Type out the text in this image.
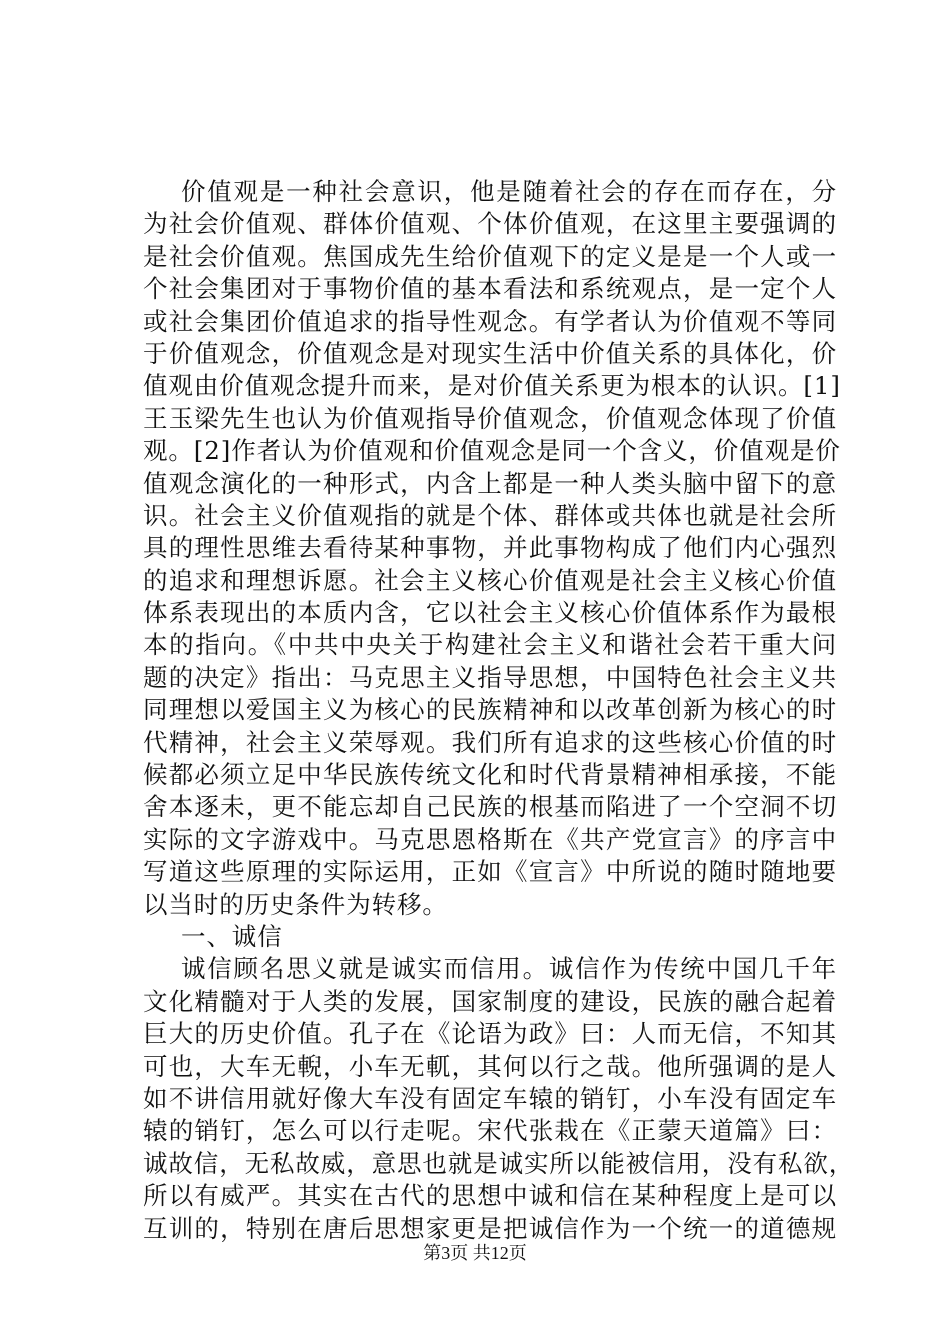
价值观是一种社会意识，他是随着社会的存在而存在，分
为社会价值观、群体价值观、个体价值观，在这里主要强调的
是社会价值观。焦国成先生给价值观下的定义是是一个人或一
个社会集团对于事物价值的基本看法和系统观点，是一定个人
或社会集团价值追求的指导性观念。有学者认为价值观不等同
于价值观念，价值观念是对现实生活中价值关系的具体化，价
值观由价值观念提升而来，是对价值关系更为根本的认识。[1]
王玉梁先生也认为价值观指导价值观念，价值观念体现了价值
观。[2]作者认为价值观和价值观念是同一个含义，价值观是价
值观念演化的一种形式，内含上都是一种人类头脑中留下的意
识。社会主义价值观指的就是个体、群体或共体也就是社会所
具的理性思维去看待某种事物，并此事物构成了他们内心强烈
的追求和理想诉愿。社会主义核心价值观是社会主义核心价值
体系表现出的本质内含，它以社会主义核心价值体系作为最根
本的指向。《中共中央关于构建社会主义和谐社会若干重大问
题的决定》指出：马克思主义指导思想，中国特色社会主义共
同理想以爱国主义为核心的民族精神和以改革创新为核心的时
代精神，社会主义荣辱观。我们所有追求的这些核心价值的时
候都必须立足中华民族传统文化和时代背景精神相承接，不能
舍本逐未，更不能忘却自己民族的根基而陷进了一个空洞不切
实际的文字游戏中。马克思恩格斯在《共产党宣言》的序言中
写道这些原理的实际运用，正如《宣言》中所说的随时随地要
以当时的历史条件为转移。
一、诚信
诚信顾名思义就是诚实而信用。诚信作为传统中国几千年
文化精髓对于人类的发展，国家制度的建设，民族的融合起着
巨大的历史价值。孔子在《论语为政》曰：人而无信，不知其
可也，大车无輗，小车无軏，其何以行之哉。他所强调的是人
如不讲信用就好像大车没有固定车辕的销钉，小车没有固定车
辕的销钉，怎么可以行走呢。宋代张栽在《正蒙天道篇》曰：
诚故信，无私故威，意思也就是诚实所以能被信用，没有私欲，
所以有威严。其实在古代的思想中诚和信在某种程度上是可以
互训的，特别在唐后思想家更是把诚信作为一个统一的道德规
第3页 共12页
